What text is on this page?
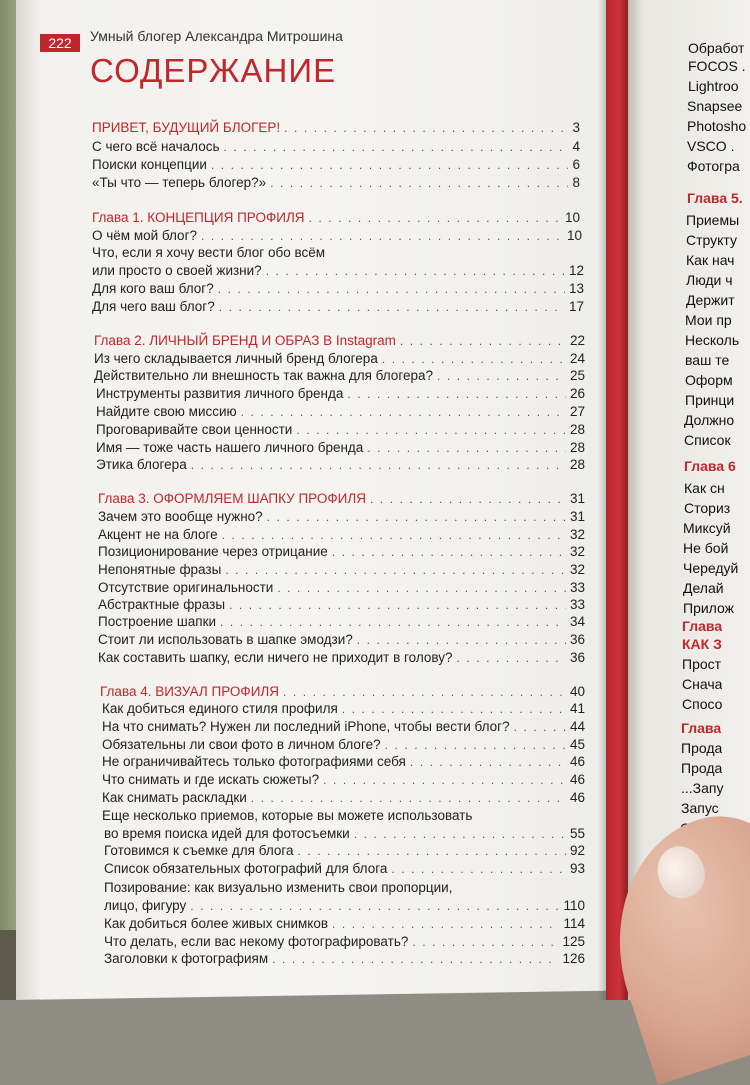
222	Умный блогер Александра Митрошина
СОДЕРЖАНИЕ
ПРИВЕТ, БУДУЩИЙ БЛОГЕР! . . .	3
С чего всё началось . . .	4
Поиски концепции . . .	6
«Ты что — теперь блогер?» . . .	8
Глава 1. КОНЦЕПЦИЯ ПРОФИЛЯ . . .	10
О чём мой блог? . . .	10
Что, если я хочу вести блог обо всём
или просто о своей жизни? . . .	12
Для кого ваш блог? . . .	13
Для чего ваш блог? . . .	17
Глава 2. ЛИЧНЫЙ БРЕНД И ОБРАЗ В Instagram . . .	22
Из чего складывается личный бренд блогера . . .	24
Действительно ли внешность так важна для блогера? . . .	25
Инструменты развития личного бренда . . .	26
Найдите свою миссию . . .	27
Проговаривайте свои ценности . . .	28
Имя — тоже часть нашего личного бренда . . .	28
Этика блогера . . .	28
Глава 3. ОФОРМЛЯЕМ ШАПКУ ПРОФИЛЯ . . .	31
Зачем это вообще нужно? . . .	31
Акцент не на блоге . . .	32
Позиционирование через отрицание . . .	32
Непонятные фразы . . .	32
Отсутствие оригинальности . . .	33
Абстрактные фразы . . .	33
Построение шапки . . .	34
Стоит ли использовать в шапке эмодзи? . . .	36
Как составить шапку, если ничего не приходит в голову? . . .	36
Глава 4. ВИЗУАЛ ПРОФИЛЯ . . .	40
Как добиться единого стиля профиля . . .	41
На что снимать? Нужен ли последний iPhone, чтобы вести блог? . . .	44
Обязательны ли свои фото в личном блоге? . . .	45
Не ограничивайтесь только фотографиями себя . . .	46
Что снимать и где искать сюжеты? . . .	46
Как снимать раскладки . . .	46
Еще несколько приемов, которые вы можете использовать
во время поиска идей для фотосъемки . . .	55
Готовимся к съемке для блога . . .	92
Список обязательных фотографий для блога . . .	93
Позирование: как визуально изменить свои пропорции,
лицо, фигуру . . .	110
Как добиться более живых снимков . . .	114
Что делать, если вас некому фотографировать? . . .	125
Заголовки к фотографиям . . .	126
Обработ
FOCOS .
Lightroo
Snapsee
Photosho
VSCO .
Фотогра
Глава 5.
Приемы
Структу
Как нач
Люди ч
Держит
Мои пр
Несколь
ваш те
Оформ
Принци
Должно
Список
Глава 6
Как сн
Сториз
Миксуй
Не бой
Чередуй
Делай
Прилож
Глава
КАК З
Прост
Снача
Спосо
Глава
Прода
Прода
...Запу
Запус
